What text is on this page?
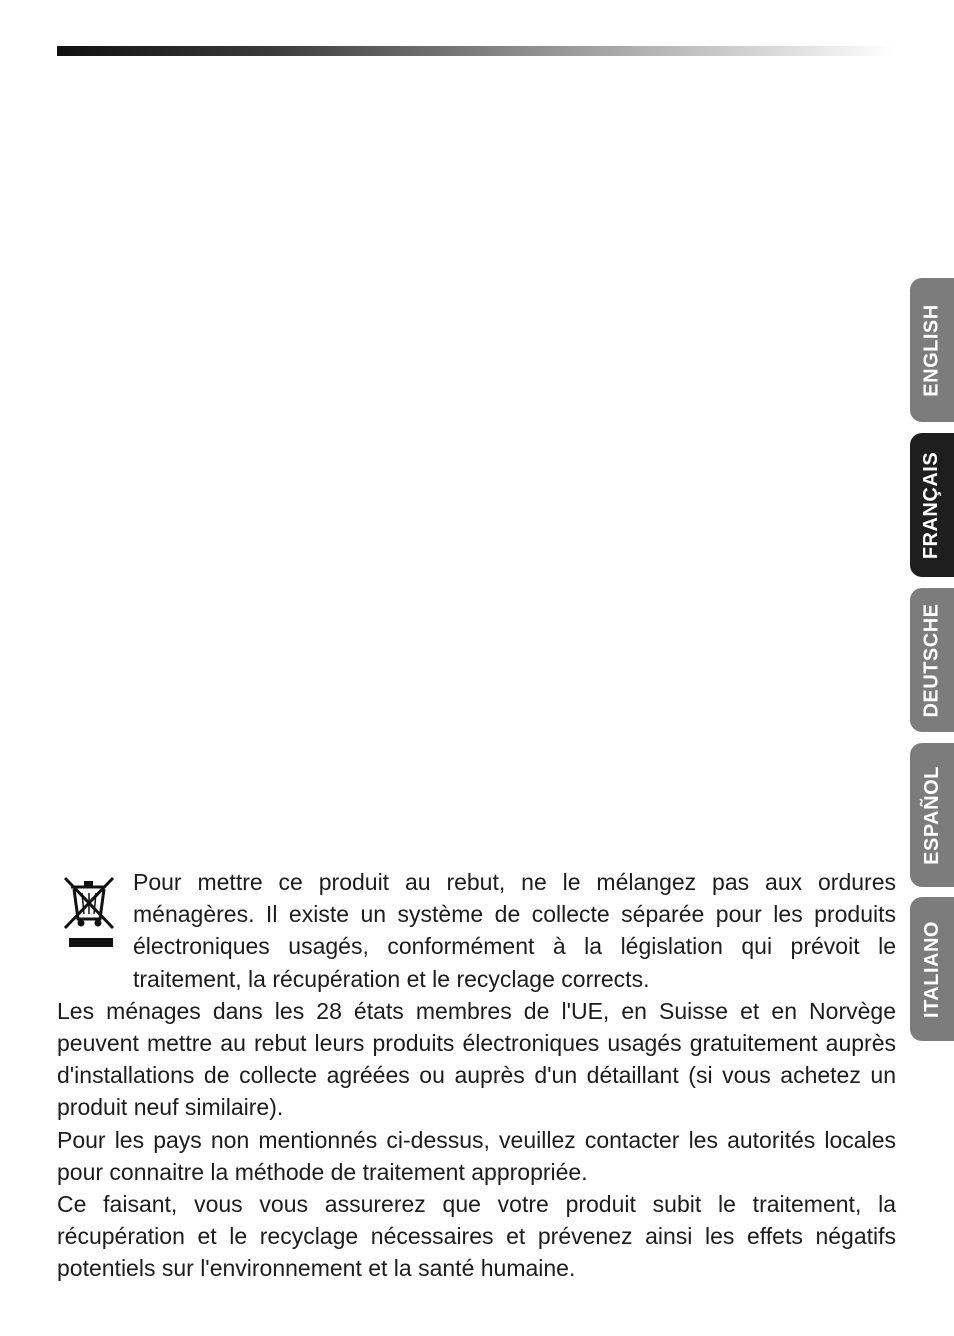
ENGLISH
FRANÇAIS
DEUTSCHE
ESPAÑOL
ITALIANO

Pour mettre ce produit au rebut, ne le mélangez pas aux ordures ménagères. Il existe un système de collecte séparée pour les produits électroniques usagés, conformément à la législation qui prévoit le traitement, la récupération et le recyclage corrects.

Les ménages dans les 28 états membres de l'UE, en Suisse et en Norvège peuvent mettre au rebut leurs produits électroniques usagés gratuitement auprès d'installations de collecte agréées ou auprès d'un détaillant (si vous achetez un produit neuf similaire).

Pour les pays non mentionnés ci-dessus, veuillez contacter les autorités locales pour connaitre la méthode de traitement appropriée.

Ce faisant, vous vous assurerez que votre produit subit le traitement, la récupération et le recyclage nécessaires et prévenez ainsi les effets négatifs potentiels sur l'environnement et la santé humaine.
